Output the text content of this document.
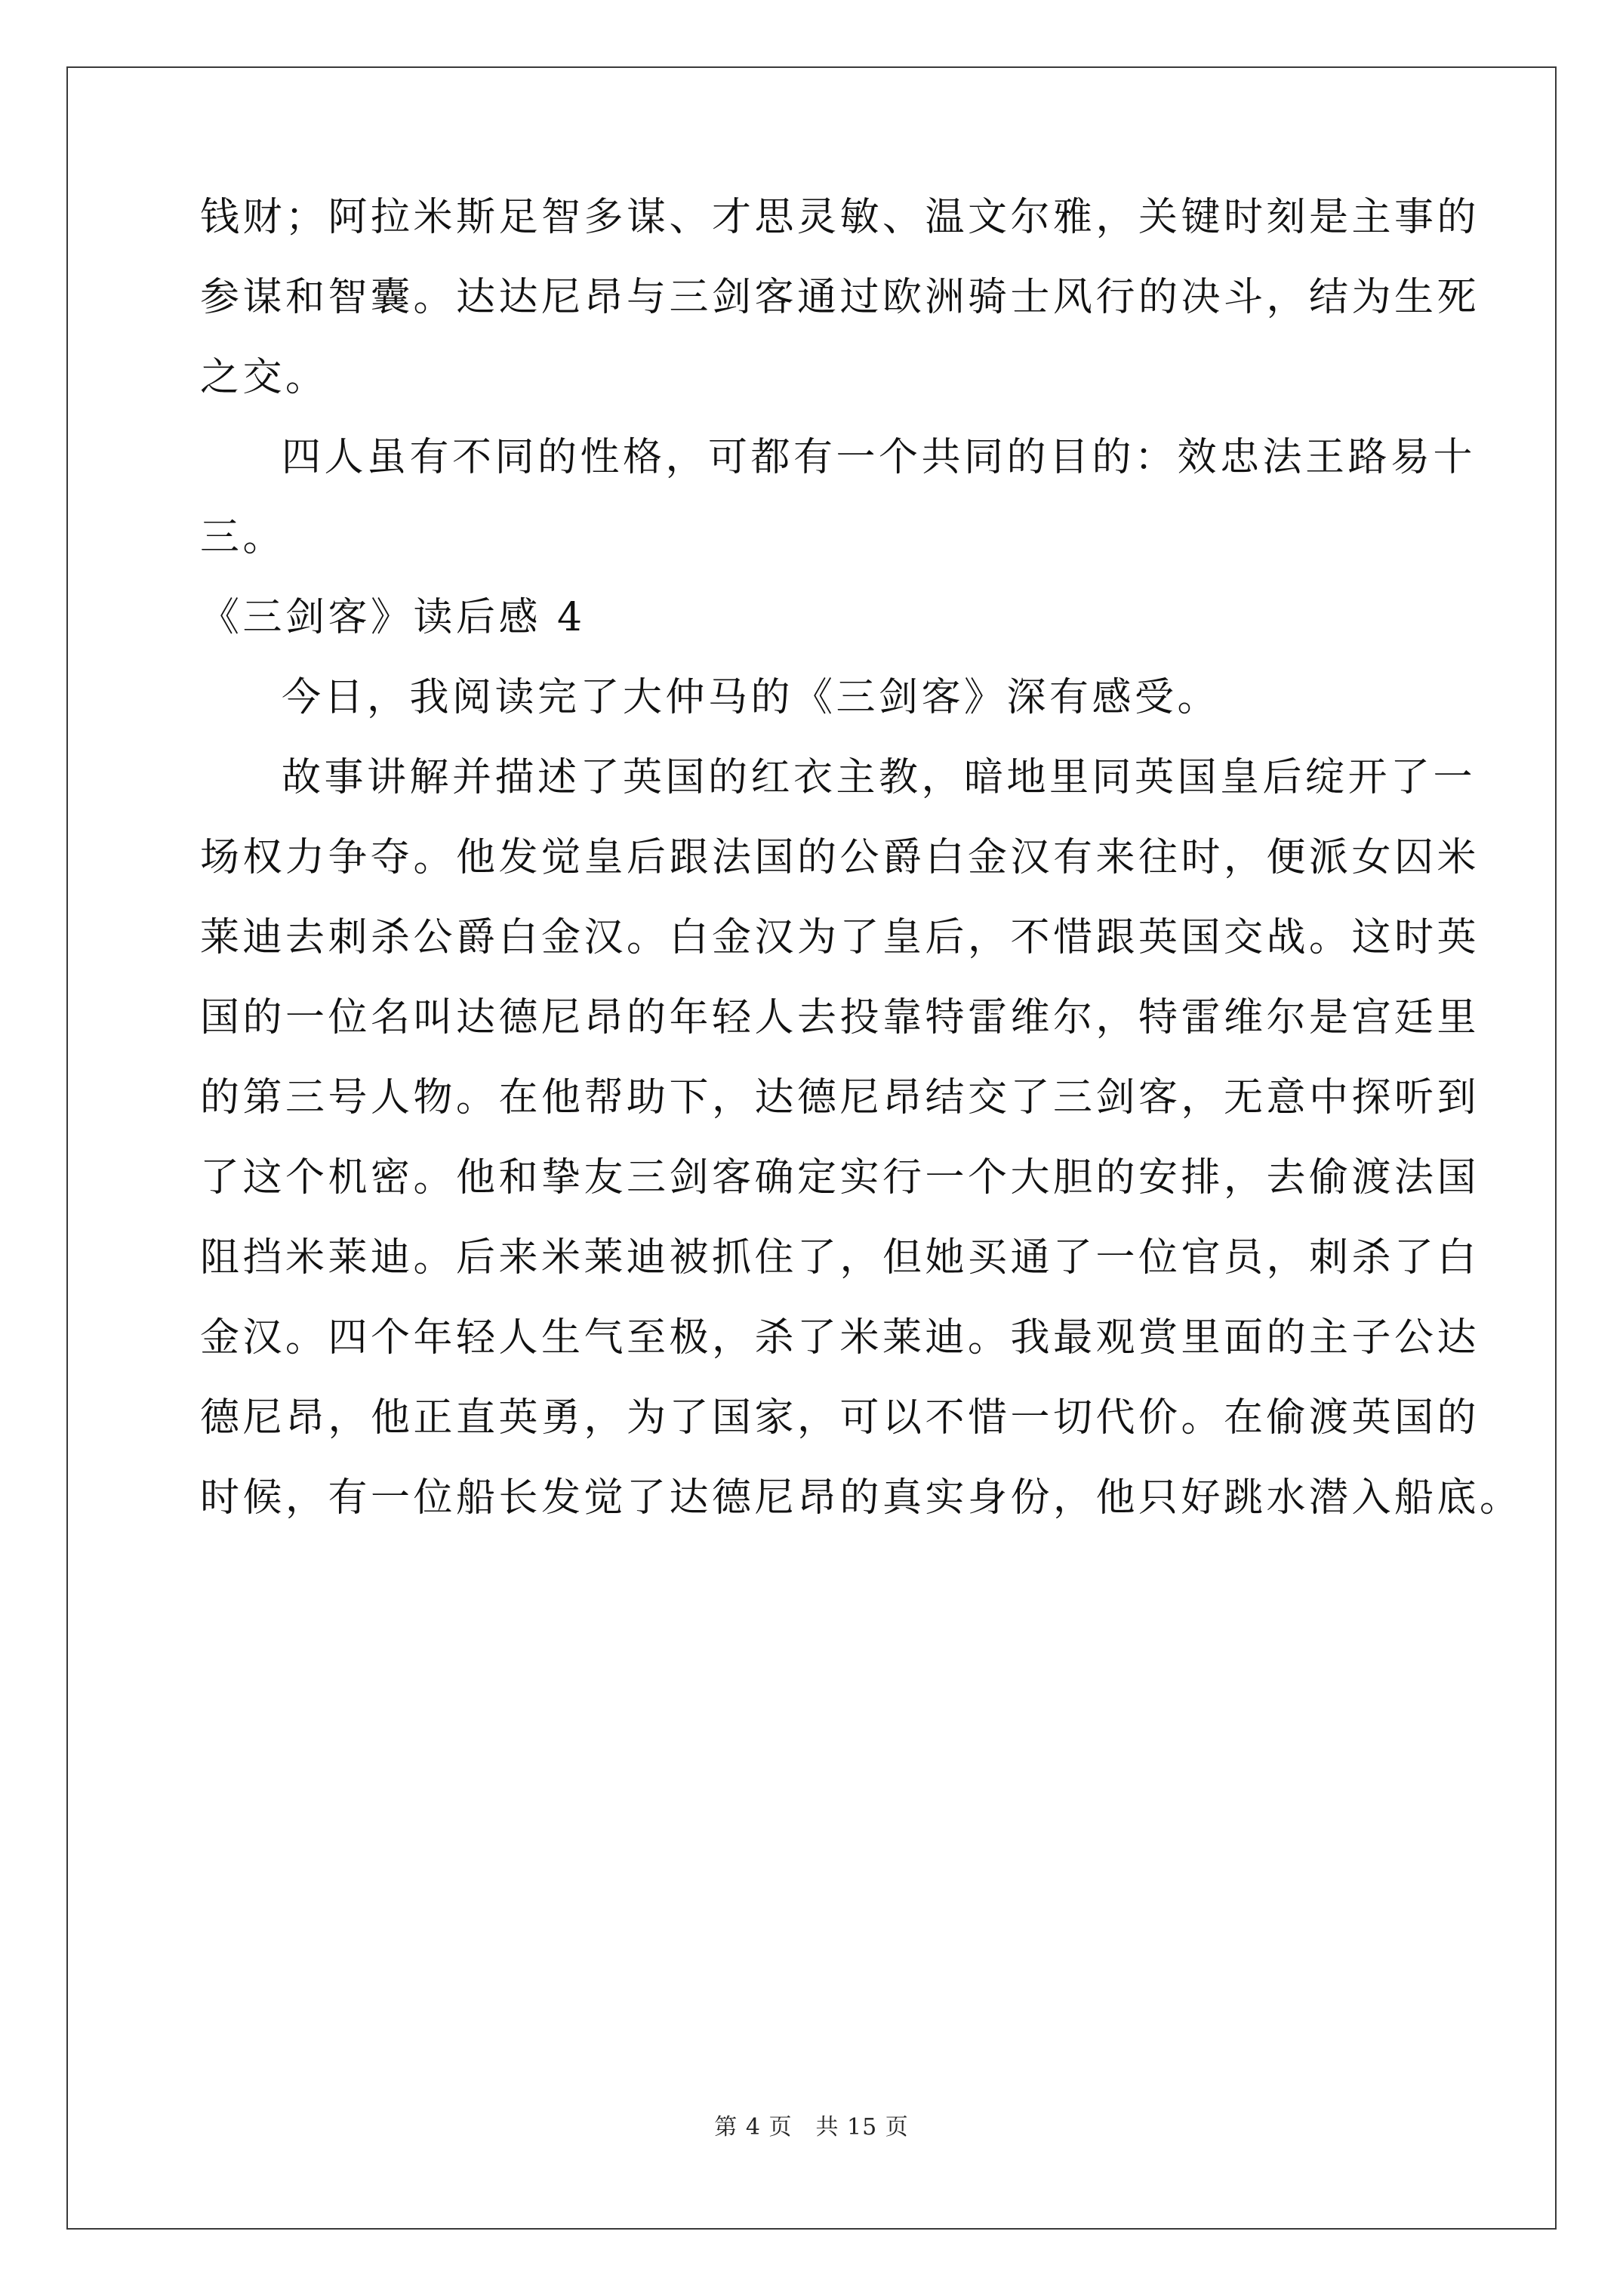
钱财；阿拉米斯足智多谋、才思灵敏、温文尔雅，关键时刻是主事的
参谋和智囊。达达尼昂与三剑客通过欧洲骑士风行的决斗，结为生死
之交。
四人虽有不同的性格，可都有一个共同的目的：效忠法王路易十
三。
《三剑客》读后感 4
今日，我阅读完了大仲马的《三剑客》深有感受。
故事讲解并描述了英国的红衣主教，暗地里同英国皇后绽开了一
场权力争夺。他发觉皇后跟法国的公爵白金汉有来往时，便派女囚米
莱迪去刺杀公爵白金汉。白金汉为了皇后，不惜跟英国交战。这时英
国的一位名叫达德尼昂的年轻人去投靠特雷维尔，特雷维尔是宫廷里
的第三号人物。在他帮助下，达德尼昂结交了三剑客，无意中探听到
了这个机密。他和挚友三剑客确定实行一个大胆的安排，去偷渡法国
阻挡米莱迪。后来米莱迪被抓住了，但她买通了一位官员，刺杀了白
金汉。四个年轻人生气至极，杀了米莱迪。我最观赏里面的主子公达
德尼昂，他正直英勇，为了国家，可以不惜一切代价。在偷渡英国的
时候，有一位船长发觉了达德尼昂的真实身份，他只好跳水潜入船底。
第 4 页　共 15 页
